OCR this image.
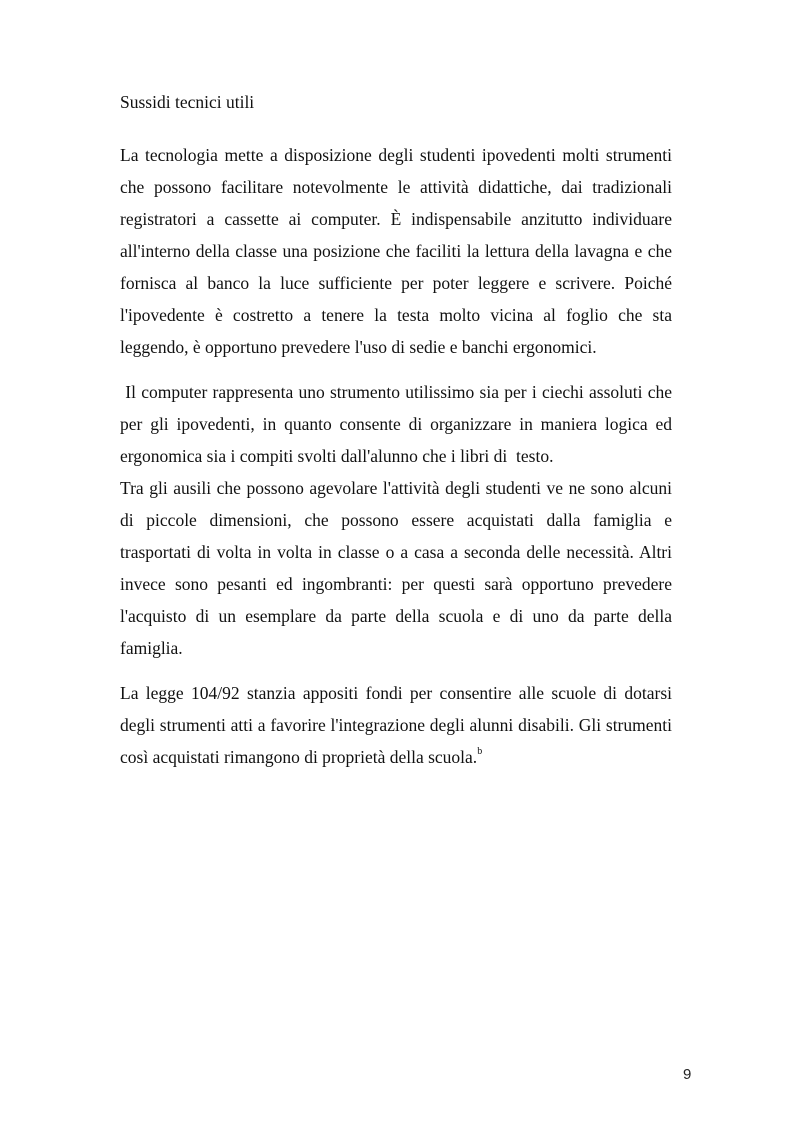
Sussidi tecnici utili

La tecnologia mette a disposizione degli studenti ipovedenti molti strumenti che possono facilitare notevolmente le attività didattiche, dai tradizionali registratori a cassette ai computer. È indispensabile anzitutto individuare all'interno della classe una posizione che faciliti la lettura della lavagna e che fornisca al banco la luce sufficiente per poter leggere e scrivere. Poiché l'ipovedente è costretto a tenere la testa molto vicina al foglio che sta leggendo, è opportuno prevedere l'uso di sedie e banchi ergonomici.

Il computer rappresenta uno strumento utilissimo sia per i ciechi assoluti che per gli ipovedenti, in quanto consente di organizzare in maniera logica ed ergonomica sia i compiti svolti dall'alunno che i libri di  testo.

Tra gli ausili che possono agevolare l'attività degli studenti ve ne sono alcuni di piccole dimensioni, che possono essere acquistati dalla famiglia e trasportati di volta in volta in classe o a casa a seconda delle necessità. Altri invece sono pesanti ed ingombranti: per questi sarà opportuno prevedere l'acquisto di un esemplare da parte della scuola e di uno da parte della famiglia.

La legge 104/92 stanzia appositi fondi per consentire alle scuole di dotarsi degli strumenti atti a favorire l'integrazione degli alunni disabili. Gli strumenti così acquistati rimangono di proprietà della scuola.$^b$

9
